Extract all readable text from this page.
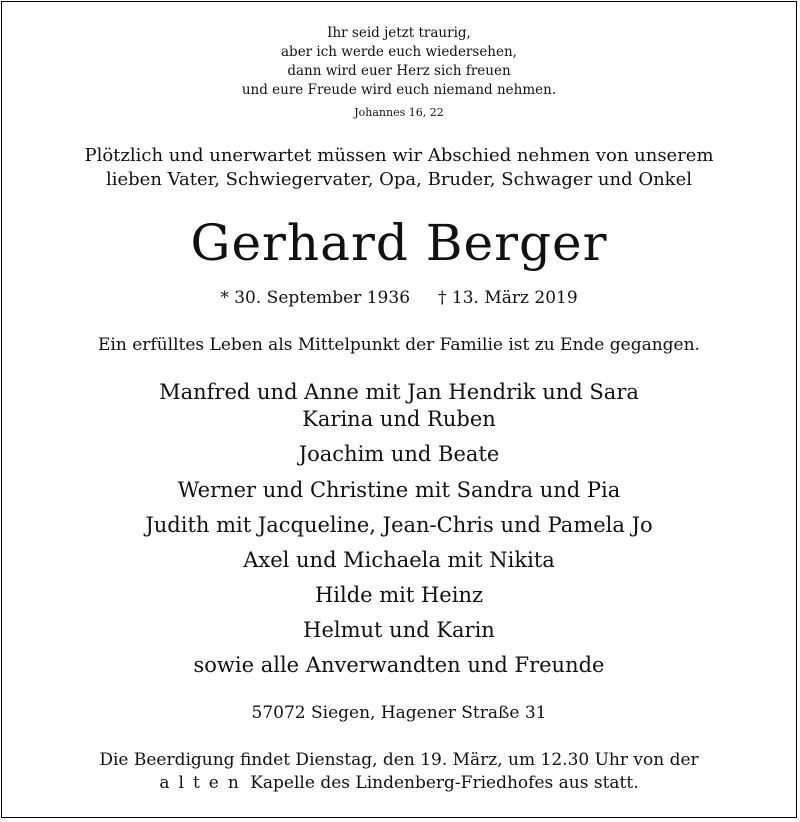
Ihr seid jetzt traurig,
aber ich werde euch wiedersehen,
dann wird euer Herz sich freuen
und eure Freude wird euch niemand nehmen.
Johannes 16, 22
Plötzlich und unerwartet müssen wir Abschied nehmen von unserem
lieben Vater, Schwiegervater, Opa, Bruder, Schwager und Onkel
Gerhard Berger
* 30. September 1936 † 13. März 2019
Ein erfülltes Leben als Mittelpunkt der Familie ist zu Ende gegangen.
Manfred und Anne mit Jan Hendrik und Sara
Karina und Ruben
Joachim und Beate
Werner und Christine mit Sandra und Pia
Judith mit Jacqueline, Jean-Chris und Pamela Jo
Axel und Michaela mit Nikita
Hilde mit Heinz
Helmut und Karin
sowie alle Anverwandten und Freunde
57072 Siegen, Hagener Straße 31
Die Beerdigung findet Dienstag, den 19. März, um 12.30 Uhr von der
alten Kapelle des Lindenberg-Friedhofes aus statt.
